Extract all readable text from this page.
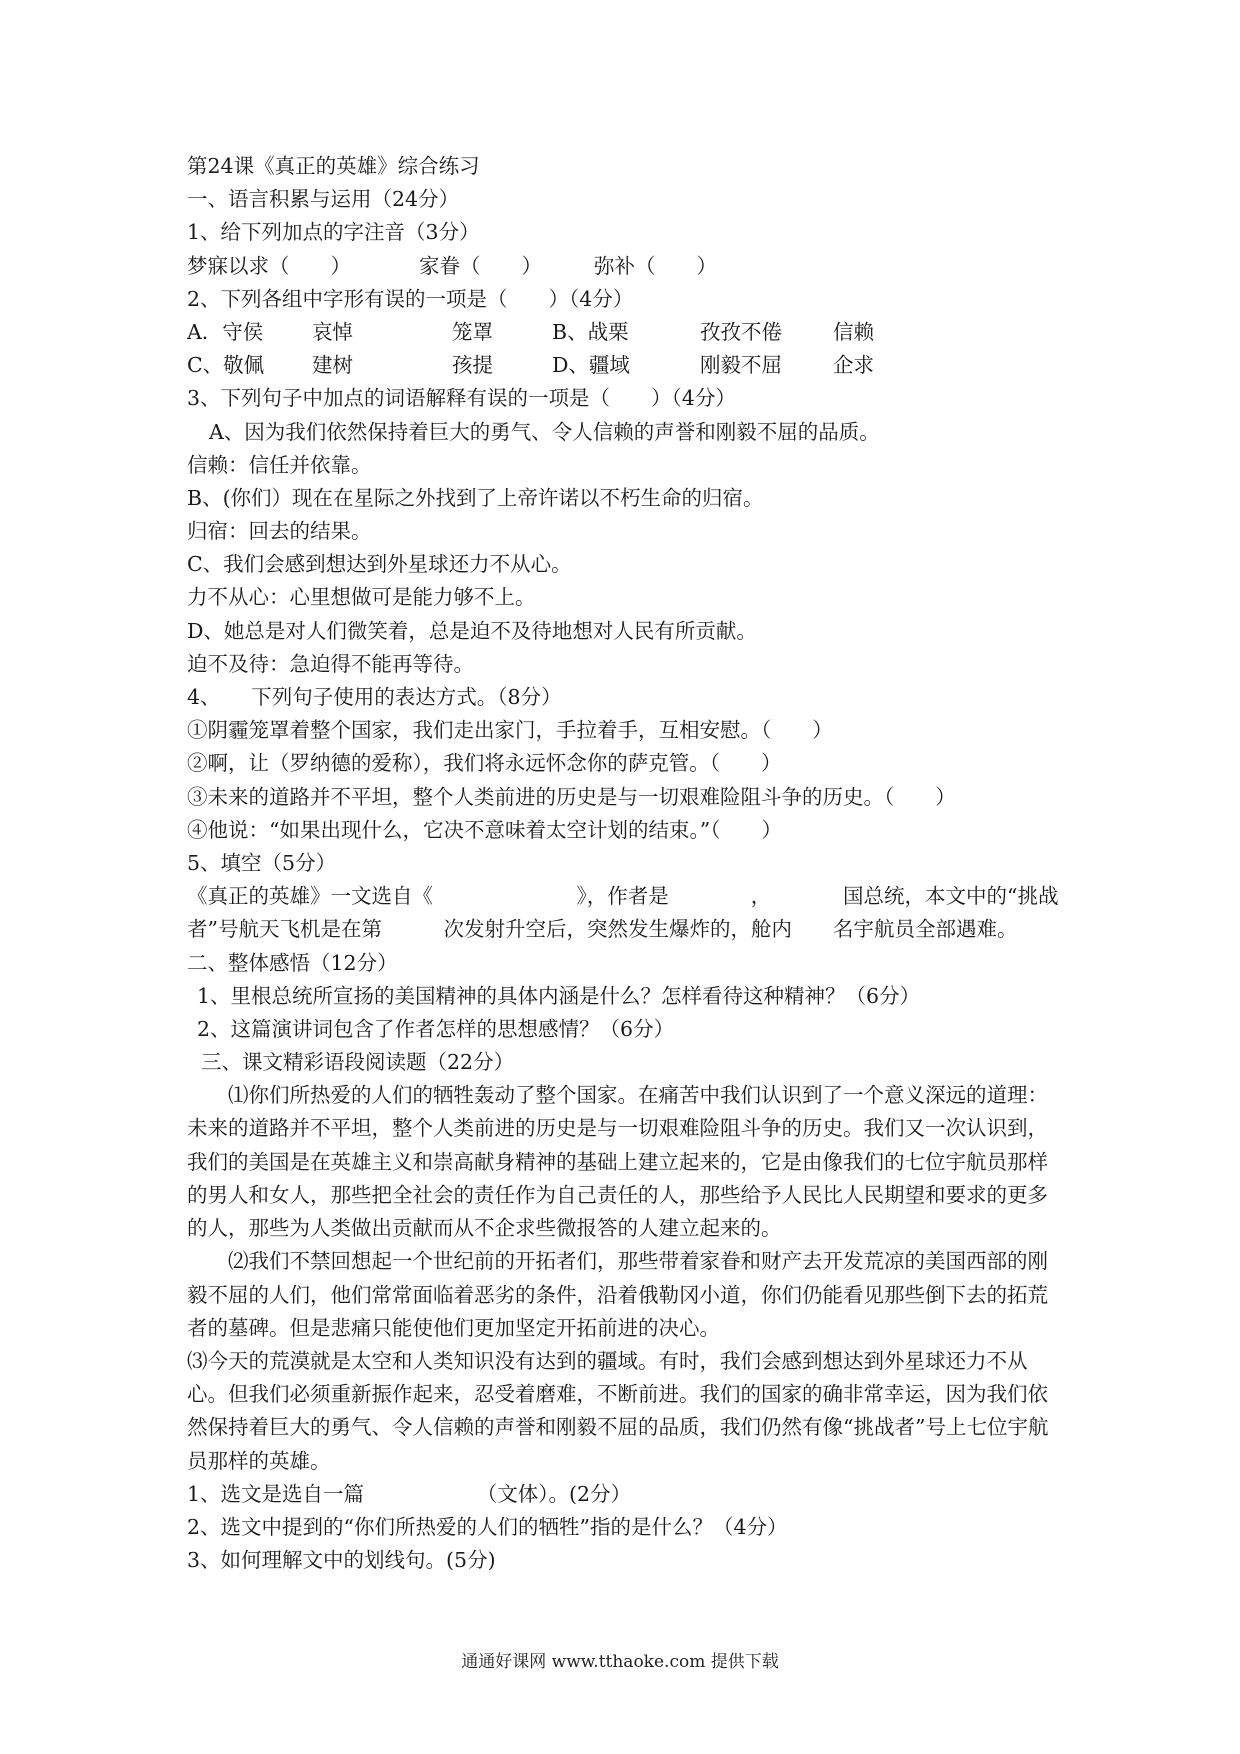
第24课《真正的英雄》综合练习
一、语言积累与运用（24分）
1、给下列加点的字注音（3分）
梦寐以求（　　）	家眷（　　）	弥补（　　）
2、下列各组中字形有误的一项是（　　）（4分）
A．守侯 哀悼	笼罩	B、战栗	孜孜不倦 信赖
C、敬佩 建树	孩提	D、疆域	刚毅不屈 企求
3、下列句子中加点的词语解释有误的一项是（　　）（4分）
A、因为我们依然保持着巨大的勇气、令人信赖的声誉和刚毅不屈的品质。
信赖：信任并依靠。
B、(你们）现在在星际之外找到了上帝许诺以不朽生命的归宿。
归宿：回去的结果。
C、我们会感到想达到外星球还力不从心。
力不从心：心里想做可是能力够不上。
D、她总是对人们微笑着，总是迫不及待地想对人民有所贡献。
迫不及待：急迫得不能再等待。
4、　　下列句子使用的表达方式。（8分）
①阴霾笼罩着整个国家，我们走出家门，手拉着手，互相安慰。（　　）
②啊，让（罗纳德的爱称），我们将永远怀念你的萨克管。（　　）
③未来的道路并不平坦，整个人类前进的历史是与一切艰难险阻斗争的历史。（　　）
④他说：“如果出现什么，它决不意味着太空计划的结束。”（　　）
5、填空（5分）
《真正的英雄》一文选自《　　　　　　　》，作者是　　　　，　　　　国总统，本文中的“挑战者”号航天飞机是在第　　　次发射升空后，突然发生爆炸的，舱内　　名宇航员全部遇难。
二、整体感悟（12分）
1、里根总统所宣扬的美国精神的具体内涵是什么？怎样看待这种精神？（6分）
2、这篇演讲词包含了作者怎样的思想感情？（6分）
三、课文精彩语段阅读题（22分）
⑴你们所热爱的人们的牺牲轰动了整个国家。在痛苦中我们认识到了一个意义深远的道理：未来的道路并不平坦，整个人类前进的历史是与一切艰难险阻斗争的历史。我们又一次认识到，我们的美国是在英雄主义和崇高献身精神的基础上建立起来的，它是由像我们的七位宇航员那样的男人和女人，那些把全社会的责任作为自己责任的人，那些给予人民比人民期望和要求的更多的人，那些为人类做出贡献而从不企求些微报答的人建立起来的。
⑵我们不禁回想起一个世纪前的开拓者们，那些带着家眷和财产去开发荒凉的美国西部的刚毅不屈的人们，他们常常面临着恶劣的条件，沿着俄勒冈小道，你们仍能看见那些倒下去的拓荒者的墓碑。但是悲痛只能使他们更加坚定开拓前进的决心。
⑶今天的荒漠就是太空和人类知识没有达到的疆域。有时，我们会感到想达到外星球还力不从心。但我们必须重新振作起来，忍受着磨难，不断前进。我们的国家的确非常幸运，因为我们依然保持着巨大的勇气、令人信赖的声誉和刚毅不屈的品质，我们仍然有像“挑战者”号上七位宇航员那样的英雄。
1、选文是选自一篇　　　　　　（文体）。(2分）
2、选文中提到的“你们所热爱的人们的牺牲”指的是什么？（4分）
3、如何理解文中的划线句。(5分)
通通好课网 www.tthaoke.com 提供下载
